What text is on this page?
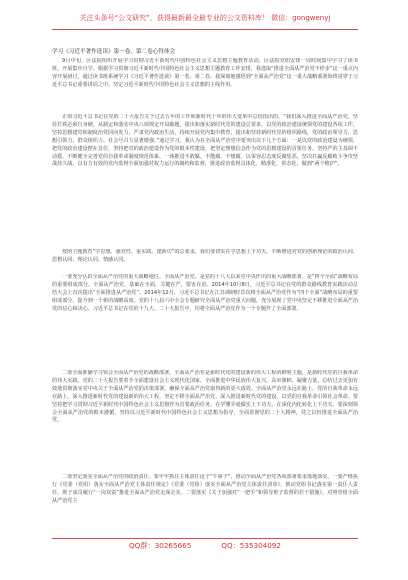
关注头条号“公文研究”，获得最新最全最专业的公文资料库！ 微信：gongwenyj
学习《习近平著作选读》第一卷、第二卷心得体会

9月中旬，区法院组织开展学习贯彻习近平新时代中国特色社会主义思想主题教育活动，区法院党组安排一周时间集中学习了读书班，开展集中自学。根据学习贯彻习近平新时代中国特色社会主义思想主题教育工作安排，我选取“推进全面从严治党不停步”这一重点内容开展研讨，通过读书班系统学习《习近平著作选读》第一卷、第二卷。我深刻地感悟到“全面从严治党”这一重大战略部署始终贯穿于习近平总书记重要讲话之中，坚定习近平新时代中国特色社会主义思想的主线作用。

正如习近平总书记在党的二十大报告关于过去五年的工作和新时代十年的伟大变革中总结指出的，“我们深入推进全面从严治党，坚持打铁必须自身硬，从制定和落实中央八项规定开局破题，提出和落实新时代党的建设总要求，以党的政治建设统领党的建设各项工作，坚持思想建党和制度治党同向发力，严肃党内政治生活，持续开展党内集中教育，提出和坚持新时代党的组织路线，党的政治领导力、思想引领力、群众组织力、社会号召力显著增强。”通过学习，我认为在全面从严治党中要突出以下几个方面：一是以党的政治建设为统领，把党的政治建设摆在首位，坚持把党的政治建设作为党的根本性建设，把坚定理想信念作为党的思想建设的首要任务。坚持严的主基调不动摇，不断健全完善党的自我革命制度规范体系。一体推进不敢腐、不能腐、不想腐，以零容忍态度反腐惩恶，坚决打赢反腐败斗争攻坚战持久战，以有力有效的党内监督全面加强对权力运行的制约和监督，推进政治监督具体化、精准化、常态化，做到“两个维护”。

按照主题教育“学思想、强党性、重实践、建新功”的总要求，我们要切实在学思想上下功夫，不断增进对党的创新理论的政治认同、思想认同、理论认同、情感认同。

一要充分认识全面从严治党的重大战略地位。全面从严治党，是党的十八大以来党中央作出的重大战略部署，是“四个全面”战略布局的重要组成部分。全面从严治党，基础在全面，关键在严，要害在治。2014年10月8日，习近平总书记在党的群众路线教育实践活动总结大会上首次提出“全面推进从严治党”。2014年12月，习近平总书记在江苏调研时首次将全面从严治党作为“四个全面”战略布局的重要组成部分，提升到一个新的战略高度。党的十八届六中全会专题研究全面从严治党重大问题，充分展现了党中央坚定不移推进全面从严治党的信心和决心。习近平总书记在党的十九大、二十大报告中，均将全面从严治党作为一个专题作了全面部署。

二要全面准确学习领会全面从严治党的战略部署。全面从严治党是新时代党的建设新的伟大工程的鲜明主题，是新时代党的自我革命的伟大实践。党的二十大报告要着手全面建设社会主义现代化国家、全面推进中华民族伟大复兴，高举旗帜、凝聚力量、总结过去更加有效地贯彻落实党中央关于全面从严治党的决策部署，确保全面从严治党取得新的更大成效。全面从严治党永远在路上，党的自我革命永远在路上，深入推进新时代党的建设新的伟大工程，坚定不移全面从严治党，深入推进新时代党的建设，以党的自我革命引领社会革命。要坚持把学习贯彻习近平新时代中国特色社会主义思想作为首要政治任务，在学懂弄通做实上下功夫，在深化内化转化上下功夫。要深刻领会全面从严治党的根本遵循，坚持以习近平新时代中国特色社会主义思想为指导，全面贯彻党的二十大精神，持之以恒推进全面从严治党。

二要坚定落实全面从严治党的政治责任。要牢牢抓住主体责任这个“牛鼻子”，推动全面从严治党各项部署要求落地落实。一要严格执行《党委（党组）落实全面从严治党主体责任规定》《党委（党组）落实全面从严治党主体责任清单》，推动党组书记落实第一责任人责任、班子成员履行“一岗双责”推进全面从严治党走深走实。二要落实《关于加强对“一把手”和领导班子监督的若干措施》，对照党组全面从严治党主

QQ群：30265665	QQ：535304092
